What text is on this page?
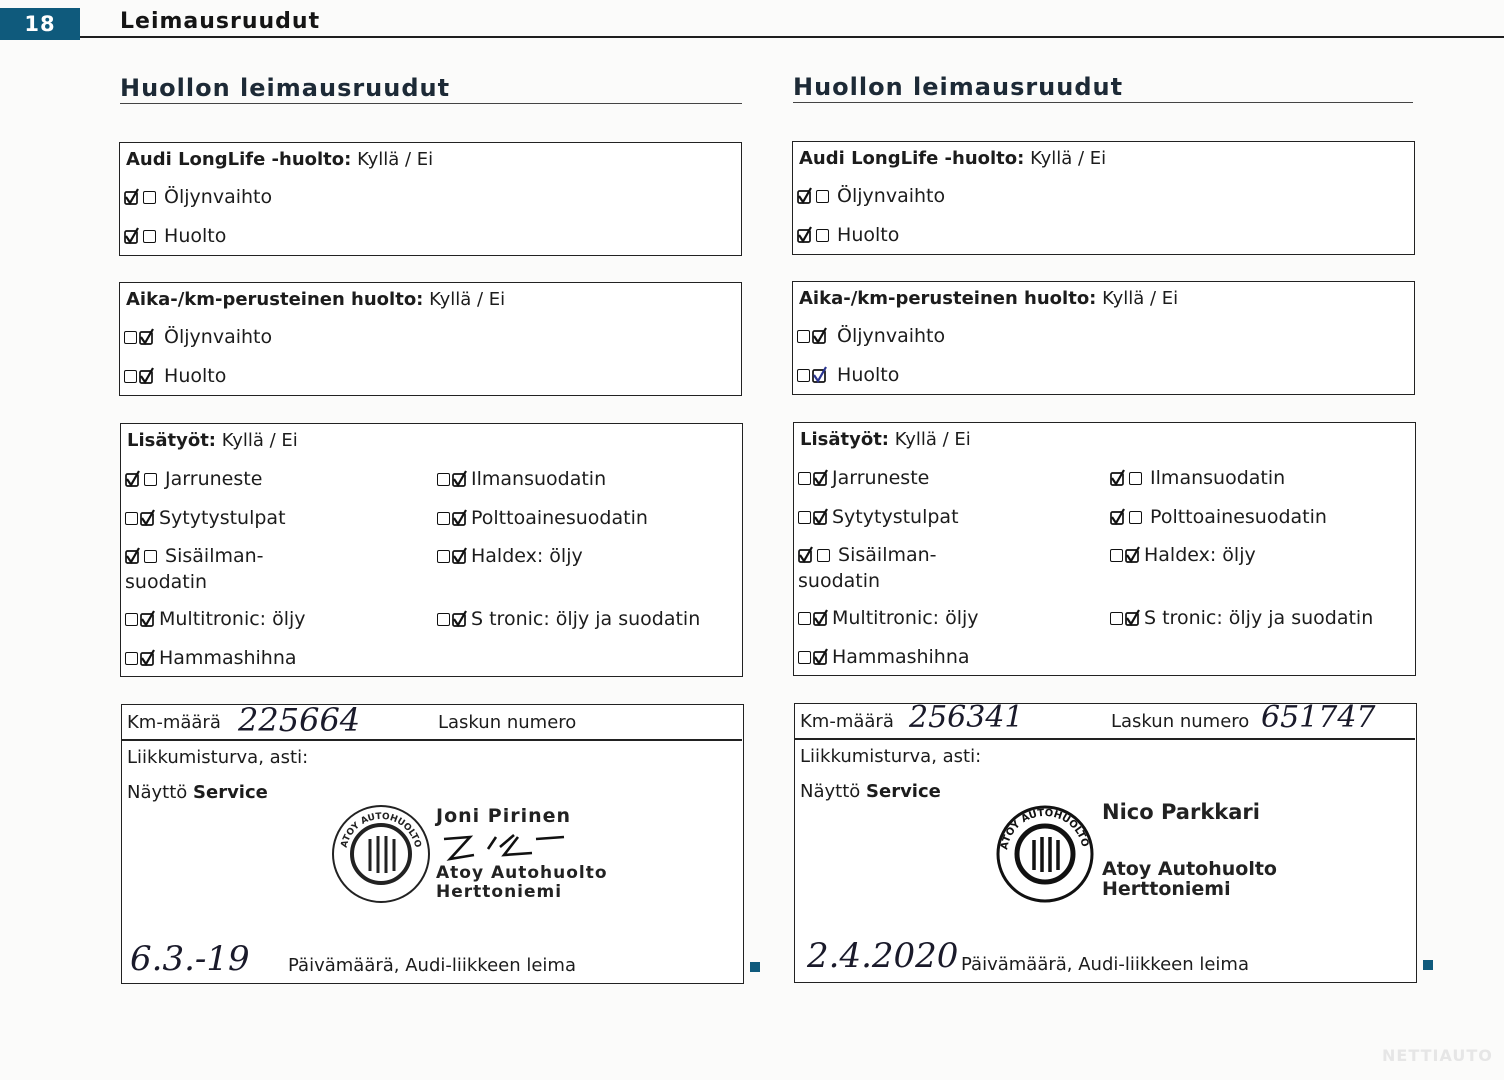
18	Leimausruudut
Huollon leimausruudut
Audi LongLife -huolto: Kyllä / Ei
Öljynvaihto
Huolto
Aika-/km-perusteinen huolto: Kyllä / Ei
Öljynvaihto
Huolto
Lisätyöt: Kyllä / Ei
Jarruneste
Sytytystulpat
Sisäilman-suodatin
Multitronic: öljy
Hammashihna
Ilmansuodatin
Polttoainesuodatin
Haldex: öljy
S tronic: öljy ja suodatin
Km-määrä 225664	Laskun numero
Liikkumisturva, asti:
Näyttö Service
ATOY AUTOHUOLTO
Joni Pirinen
Atoy Autohuolto
Herttoniemi
6.3.-19 Päivämäärä, Audi-liikkeen leima
Huollon leimausruudut
Audi LongLife -huolto: Kyllä / Ei
Öljynvaihto
Huolto
Aika-/km-perusteinen huolto: Kyllä / Ei
Öljynvaihto
Huolto
Lisätyöt: Kyllä / Ei
Jarruneste
Sytytystulpat
Sisäilman-suodatin
Multitronic: öljy
Hammashihna
Ilmansuodatin
Polttoainesuodatin
Haldex: öljy
S tronic: öljy ja suodatin
Km-määrä 256341	Laskun numero 651747
Liikkumisturva, asti:
Näyttö Service
ATOY AUTOHUOLTO
Nico Parkkari
Atoy Autohuolto
Herttoniemi
2.4.2020 Päivämäärä, Audi-liikkeen leima
NETTIAUTO
